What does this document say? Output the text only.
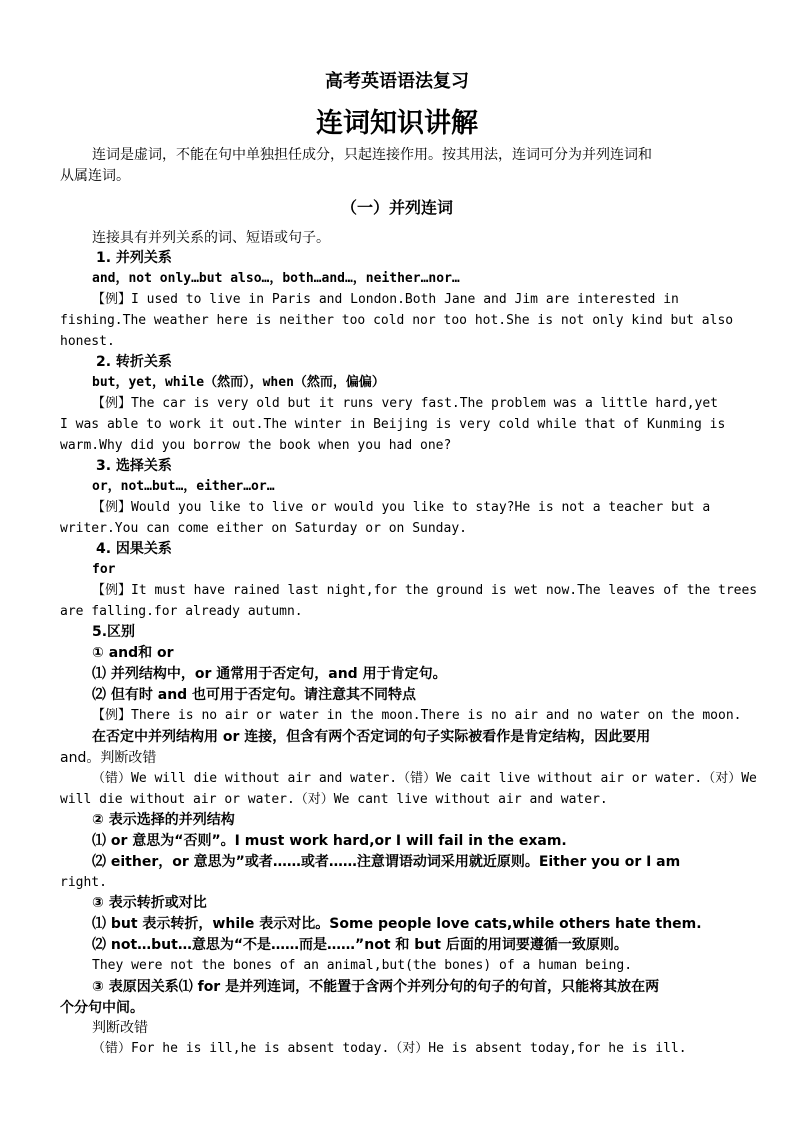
高考英语语法复习
连词知识讲解
连词是虚词，不能在句中单独担任成分，只起连接作用。按其用法，连词可分为并列连词和
从属连词。
（一）并列连词
连接具有并列关系的词、短语或句子。
1. 并列关系
and，not only…but also…，both…and…，neither…nor…
【例】I used to live in Paris and London.Both Jane and Jim are interested in
fishing.The weather here is neither too cold nor too hot.She is not only kind but also
honest.
2. 转折关系
but，yet，while（然而），when（然而，偏偏）
【例】The car is very old but it runs very fast.The problem was a little hard,yet
I was able to work it out.The winter in Beijing is very cold while that of Kunming is
warm.Why did you borrow the book when you had one?
3. 选择关系
or，not…but…，either…or…
【例】Would you like to live or would you like to stay?He is not a teacher but a
writer.You can come either on Saturday or on Sunday.
4. 因果关系
for
【例】It must have rained last night,for the ground is wet now.The leaves of the trees
are falling.for already autumn.
5.区别
① and和 or
⑴ 并列结构中，or 通常用于否定句，and 用于肯定句。
⑵ 但有时 and 也可用于否定句。请注意其不同特点
【例】There is no air or water in the moon.There is no air and no water on the moon.
在否定中并列结构用 or 连接，但含有两个否定词的句子实际被看作是肯定结构，因此要用
and。判断改错
（错）We will die without air and water.（错）We cait live without air or water.（对）We
will die without air or water.（对）We cant live without air and water.
② 表示选择的并列结构
⑴ or 意思为“否则”。I must work hard,or I will fail in the exam.
⑵ either，or 意思为”或者……或者……注意谓语动词采用就近原则。Either you or I am
right.
③ 表示转折或对比
⑴ but 表示转折，while 表示对比。Some people love cats,while others hate them.
⑵ not…but…意思为“不是……而是……”not 和 but 后面的用词要遵循一致原则。
They were not the bones of an animal,but(the bones) of a human being.
③ 表原因关系⑴ for 是并列连词，不能置于含两个并列分句的句子的句首，只能将其放在两
个分句中间。
判断改错
（错）For he is ill,he is absent today.（对）He is absent today,for he is ill.
